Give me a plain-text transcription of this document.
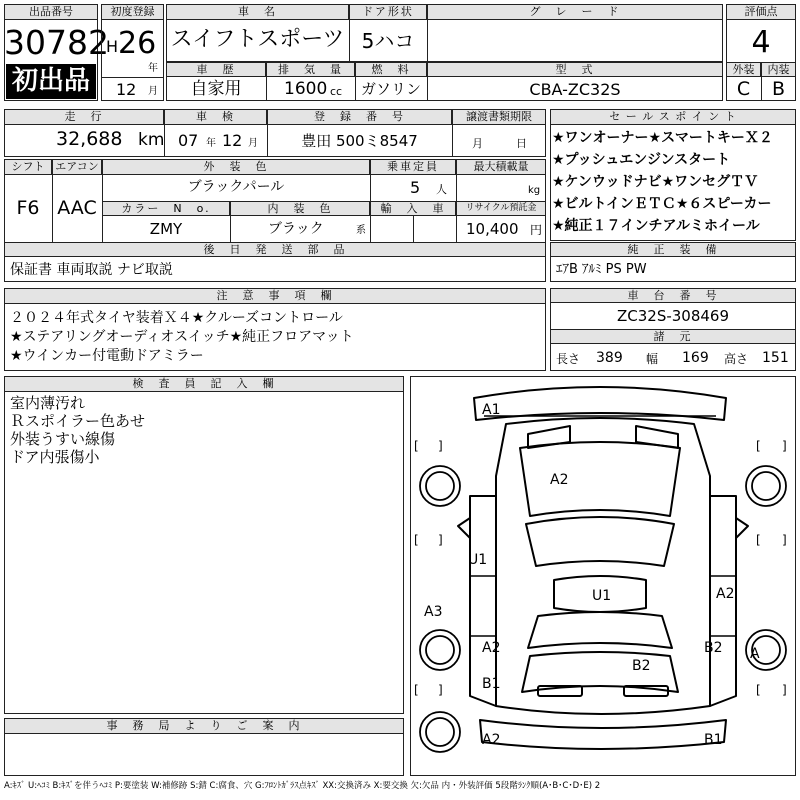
出品番号
30782
初出品
初度登録
H 26
年
12 月
車　名
スイフトスポーツ
ドア形状
5ハコ
グ　レ　ー　ド
車　歴
自家用
排　気　量
1600 cc
燃　料
ガソリン
型　式
CBA-ZC32S
評価点
4
外装	内装
C	B
走　行
32,688 km
車　検
07 年 12 月
登　録　番　号
豊田 500ミ8547
譲渡書類期限
月	日
シフト エアコン
F6 AAC
外　装　色
ブラックパール
乗車定員
5 人
最大積載量
kg
カラー　N　o.
ZMY
内　装　色
ブラック	系
輸　入　車	リサイクル預託金
10,400 円
後　日　発　送　部　品
保証書 車両取説 ナビ取説
セ ー ル ス ポ イ ン ト
★ワンオーナー★スマートキーＸ２
★プッシュエンジンスタート
★ケンウッドナビ★ワンセグＴＶ
★ビルトインＥＴＣ★６スピーカー
★純正１７インチアルミホイール
純　正　装　備
ｴｱB ｱﾙﾐ PS PW
注　意　事　項　欄
２０２４年式タイヤ装着Ｘ４★クルーズコントロール
★ステアリングオーディオスイッチ★純正フロアマット
★ウインカー付電動ドアミラー
車　台　番　号
ZC32S-308469
諸　元
長さ 389 幅 169 高さ 151
検　査　員　記　入　欄
室内薄汚れ
Ｒスポイラー色あせ
外装うすい線傷
ドア内張傷小
事　務　局　よ　り　ご　案　内
[ ]	[ ]
[ ]	[ ]
[ ]	[ ]
A1
A2
U1
U1
A3
A2
A2	B2
B2
B1
A
A2	B1
A:ｷｽﾞ U:ﾍｺﾐ B:ｷｽﾞを伴うﾍｺﾐ P:要塗装 W:補修跡 S:錆 C:腐食、穴 G:ﾌﾛﾝﾄｶﾞﾗｽ点ｷｽﾞ XX:交換済み X:要交換 欠:欠品 内・外装評価 5段階ﾗﾝｸ順(A･B･C･D･E) 2
